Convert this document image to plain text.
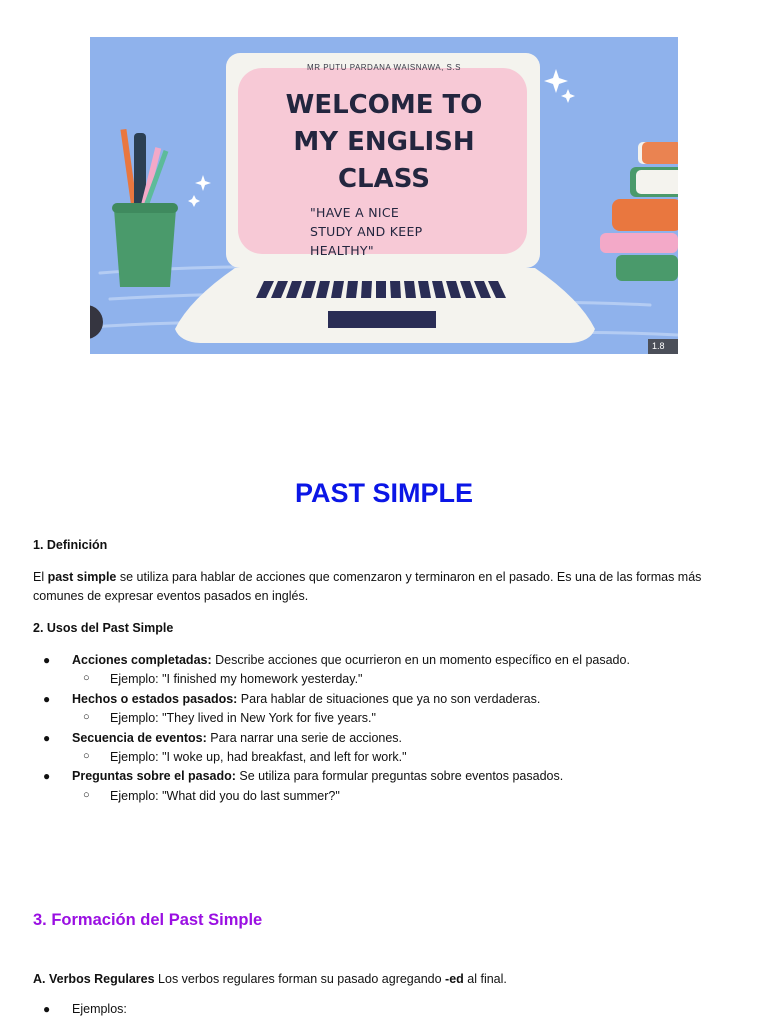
MR PUTU PARDANA WAISNAWA, S.S
WELCOME TO
MY ENGLISH
CLASS
"HAVE A NICE
STUDY AND KEEP
HEALTHY"
1.8
PAST SIMPLE

1. Definición

El past simple se utiliza para hablar de acciones que comenzaron y terminaron en el pasado. Es una de las formas más comunes de expresar eventos pasados en inglés.

2. Usos del Past Simple

● Acciones completadas: Describe acciones que ocurrieron en un momento específico en el pasado.
○ Ejemplo: "I finished my homework yesterday."
● Hechos o estados pasados: Para hablar de situaciones que ya no son verdaderas.
○ Ejemplo: "They lived in New York for five years."
● Secuencia de eventos: Para narrar una serie de acciones.
○ Ejemplo: "I woke up, had breakfast, and left for work."
● Preguntas sobre el pasado: Se utiliza para formular preguntas sobre eventos pasados.
○ Ejemplo: "What did you do last summer?"

3. Formación del Past Simple

A. Verbos Regulares Los verbos regulares forman su pasado agregando -ed al final.

● Ejemplos:
